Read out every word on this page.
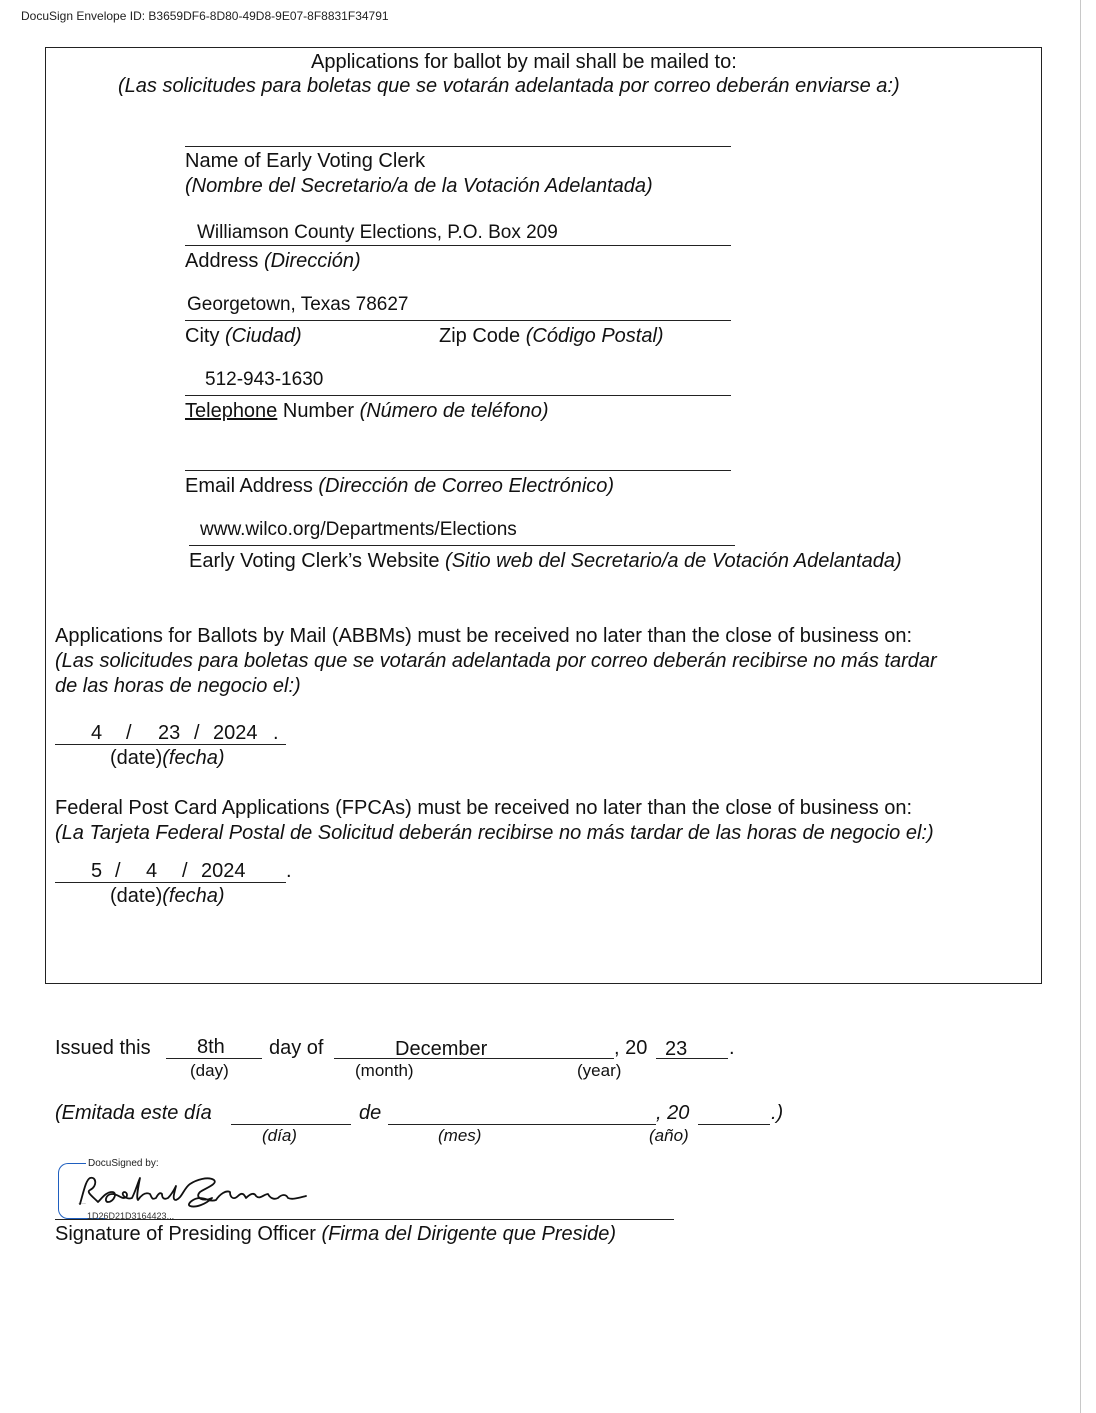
DocuSign Envelope ID: B3659DF6-8D80-49D8-9E07-8F8831F34791
Applications for ballot by mail shall be mailed to:
(Las solicitudes para boletas que se votarán adelantada por correo deberán enviarse a:)
Name of Early Voting Clerk
(Nombre del Secretario/a de la Votación Adelantada)
Williamson County Elections, P.O. Box 209
Address (Dirección)
Georgetown, Texas 78627
City (Ciudad)	Zip Code (Código Postal)
512-943-1630
Telephone Number (Número de teléfono)
Email Address (Dirección de Correo Electrónico)
www.wilco.org/Departments/Elections
Early Voting Clerk’s Website (Sitio web del Secretario/a de Votación Adelantada)
Applications for Ballots by Mail (ABBMs) must be received no later than the close of business on:
(Las solicitudes para boletas que se votarán adelantada por correo deberán recibirse no más tardar
de las horas de negocio el:)
4 / 23 / 2024 .
(date)(fecha)
Federal Post Card Applications (FPCAs) must be received no later than the close of business on:
(La Tarjeta Federal Postal de Solicitud deberán recibirse no más tardar de las horas de negocio el:)
5 / 4 / 2024 .
(date)(fecha)
Issued this 8th day of	December	, 20 23 .
(day)	(month)	(year)
(Emitada este día	de	, 20	.)
(día)	(mes)	(año)
DocuSigned by:
Rashid Shamsie
1D26D21D3164423...
Signature of Presiding Officer (Firma del Dirigente que Preside)
